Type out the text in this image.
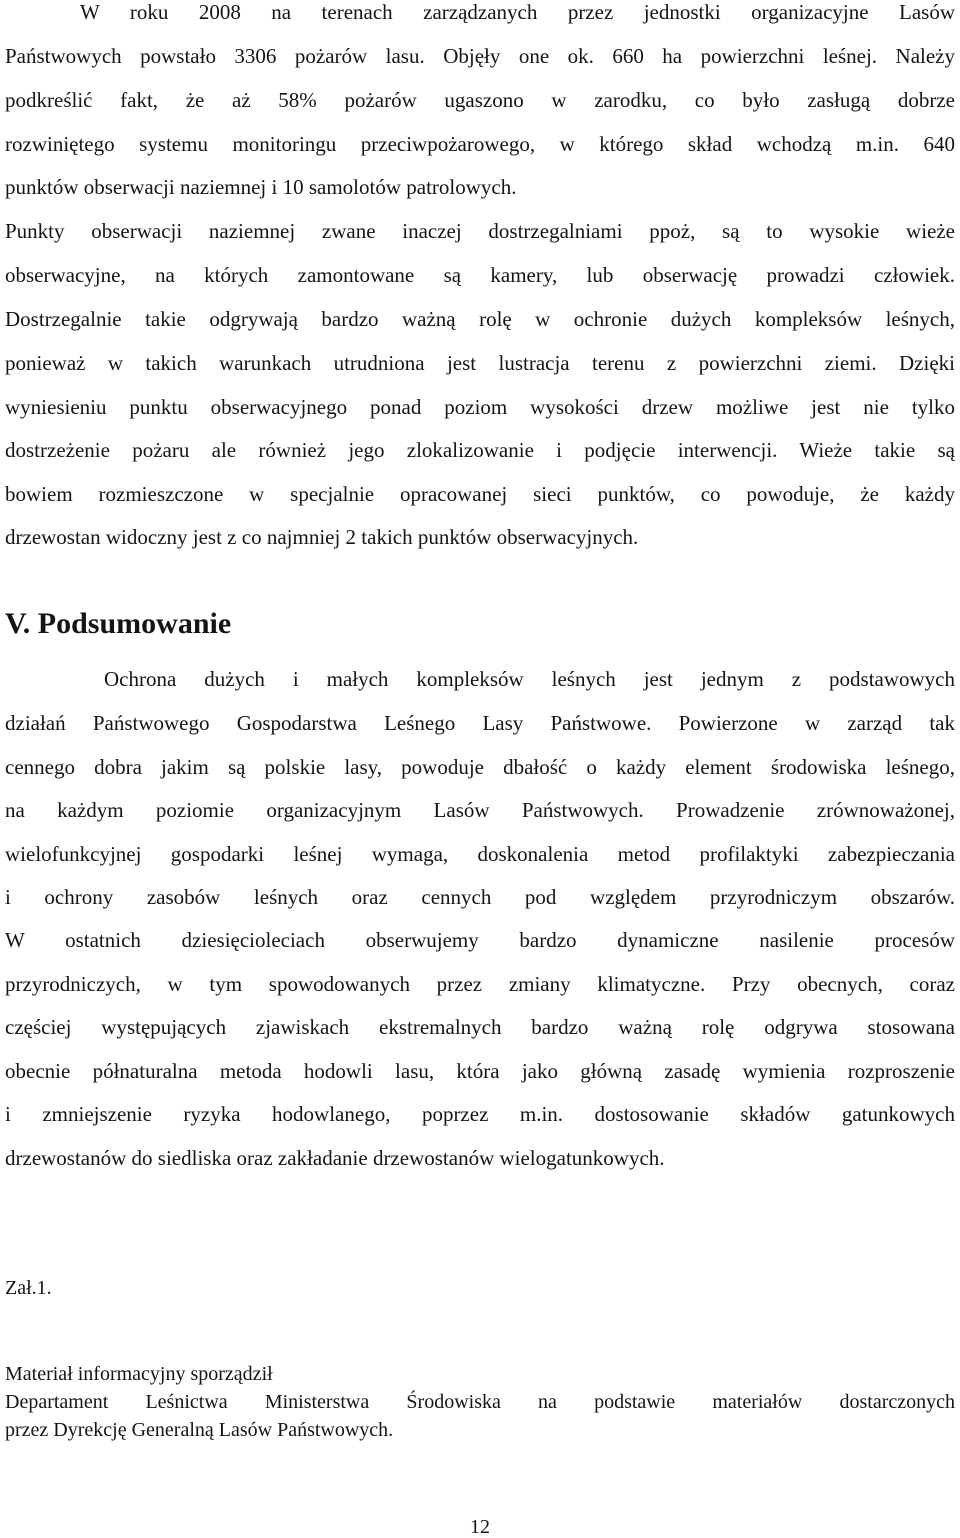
W roku 2008 na terenach zarządzanych przez jednostki organizacyjne Lasów
Państwowych powstało 3306 pożarów lasu. Objęły one ok. 660 ha powierzchni leśnej. Należy
podkreślić fakt, że aż 58% pożarów ugaszono w zarodku, co było zasługą dobrze
rozwiniętego systemu monitoringu przeciwpożarowego, w którego skład wchodzą m.in. 640
punktów obserwacji naziemnej i 10 samolotów patrolowych.
Punkty obserwacji naziemnej zwane inaczej dostrzegalniami ppoż, są to wysokie wieże
obserwacyjne, na których zamontowane są kamery, lub obserwację prowadzi człowiek.
Dostrzegalnie takie odgrywają bardzo ważną rolę w ochronie dużych kompleksów leśnych,
ponieważ w takich warunkach utrudniona jest lustracja terenu z powierzchni ziemi. Dzięki
wyniesieniu punktu obserwacyjnego ponad poziom wysokości drzew możliwe jest nie tylko
dostrzeżenie pożaru ale również jego zlokalizowanie i podjęcie interwencji. Wieże takie są
bowiem rozmieszczone w specjalnie opracowanej sieci punktów, co powoduje, że każdy
drzewostan widoczny jest z co najmniej 2 takich punktów obserwacyjnych.
V. Podsumowanie
Ochrona dużych i małych kompleksów leśnych jest jednym z podstawowych
działań Państwowego Gospodarstwa Leśnego Lasy Państwowe. Powierzone w zarząd tak
cennego dobra jakim są polskie lasy, powoduje dbałość o każdy element środowiska leśnego,
na każdym poziomie organizacyjnym Lasów Państwowych. Prowadzenie zrównoważonej,
wielofunkcyjnej gospodarki leśnej wymaga, doskonalenia metod profilaktyki zabezpieczania
i ochrony zasobów leśnych oraz cennych pod względem przyrodniczym obszarów.
W ostatnich dziesięcioleciach obserwujemy bardzo dynamiczne nasilenie procesów
przyrodniczych, w tym spowodowanych przez zmiany klimatyczne. Przy obecnych, coraz
częściej występujących zjawiskach ekstremalnych bardzo ważną rolę odgrywa stosowana
obecnie półnaturalna metoda hodowli lasu, która jako główną zasadę wymienia rozproszenie
i zmniejszenie ryzyka hodowlanego, poprzez m.in. dostosowanie składów gatunkowych
drzewostanów do siedliska oraz zakładanie drzewostanów wielogatunkowych.
Zał.1.
Materiał informacyjny sporządził
Departament Leśnictwa Ministerstwa Środowiska na podstawie materiałów dostarczonych
przez Dyrekcję Generalną Lasów Państwowych.
12
